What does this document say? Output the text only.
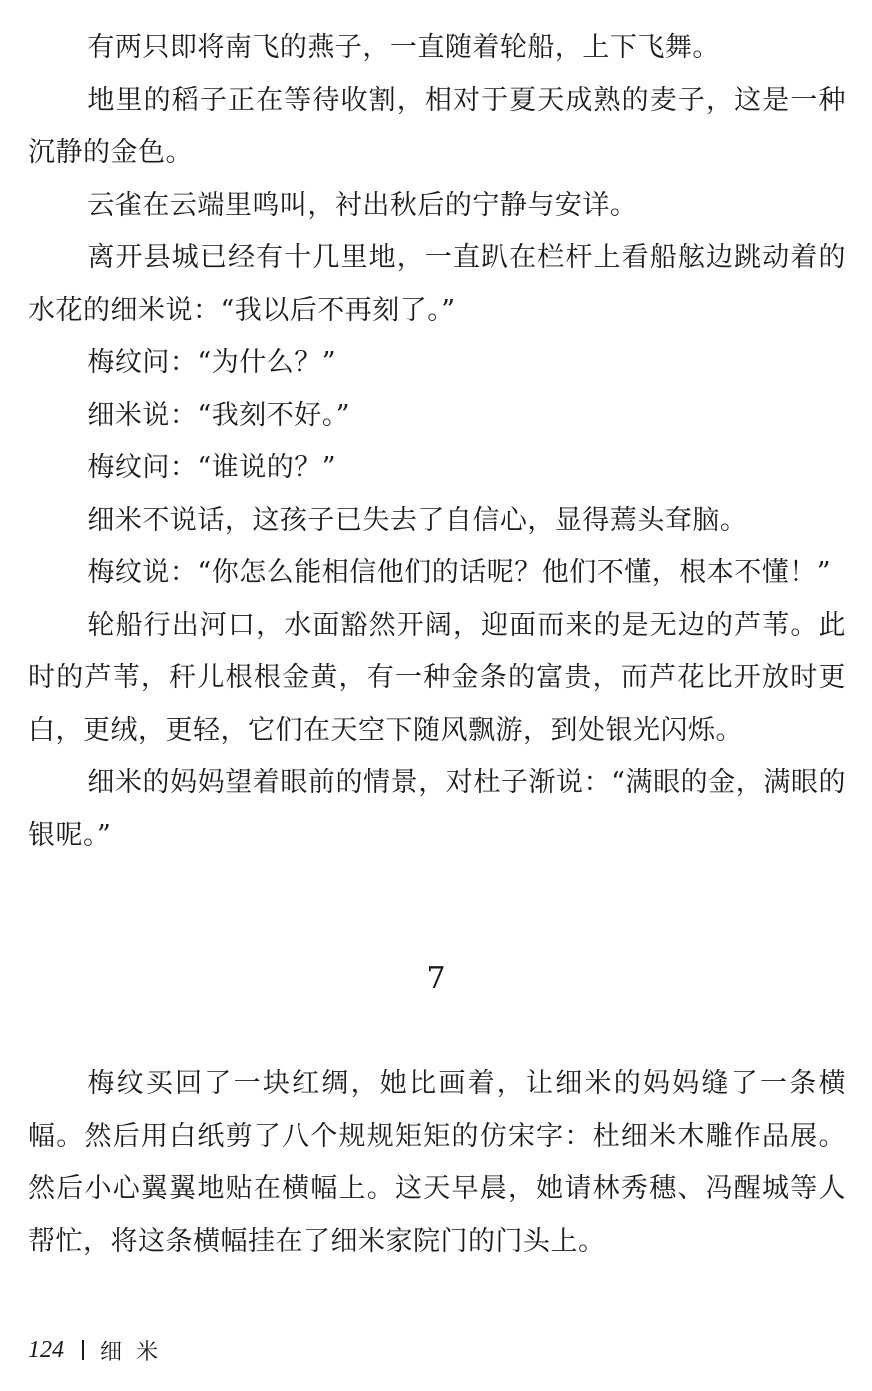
有两只即将南飞的燕子，一直随着轮船，上下飞舞。

地里的稻子正在等待收割，相对于夏天成熟的麦子，这是一种沉静的金色。

云雀在云端里鸣叫，衬出秋后的宁静与安详。

离开县城已经有十几里地，一直趴在栏杆上看船舷边跳动着的水花的细米说：“我以后不再刻了。”

梅纹问：“为什么？”

细米说：“我刻不好。”

梅纹问：“谁说的？”

细米不说话，这孩子已失去了自信心，显得蔫头耷脑。

梅纹说：“你怎么能相信他们的话呢？他们不懂，根本不懂！”

轮船行出河口，水面豁然开阔，迎面而来的是无边的芦苇。此时的芦苇，秆儿根根金黄，有一种金条的富贵，而芦花比开放时更白，更绒，更轻，它们在天空下随风飘游，到处银光闪烁。

细米的妈妈望着眼前的情景，对杜子渐说：“满眼的金，满眼的银呢。”

7

梅纹买回了一块红绸，她比画着，让细米的妈妈缝了一条横幅。然后用白纸剪了八个规规矩矩的仿宋字：杜细米木雕作品展。然后小心翼翼地贴在横幅上。这天早晨，她请林秀穗、冯醒城等人帮忙，将这条横幅挂在了细米家院门的门头上。

124 细米
